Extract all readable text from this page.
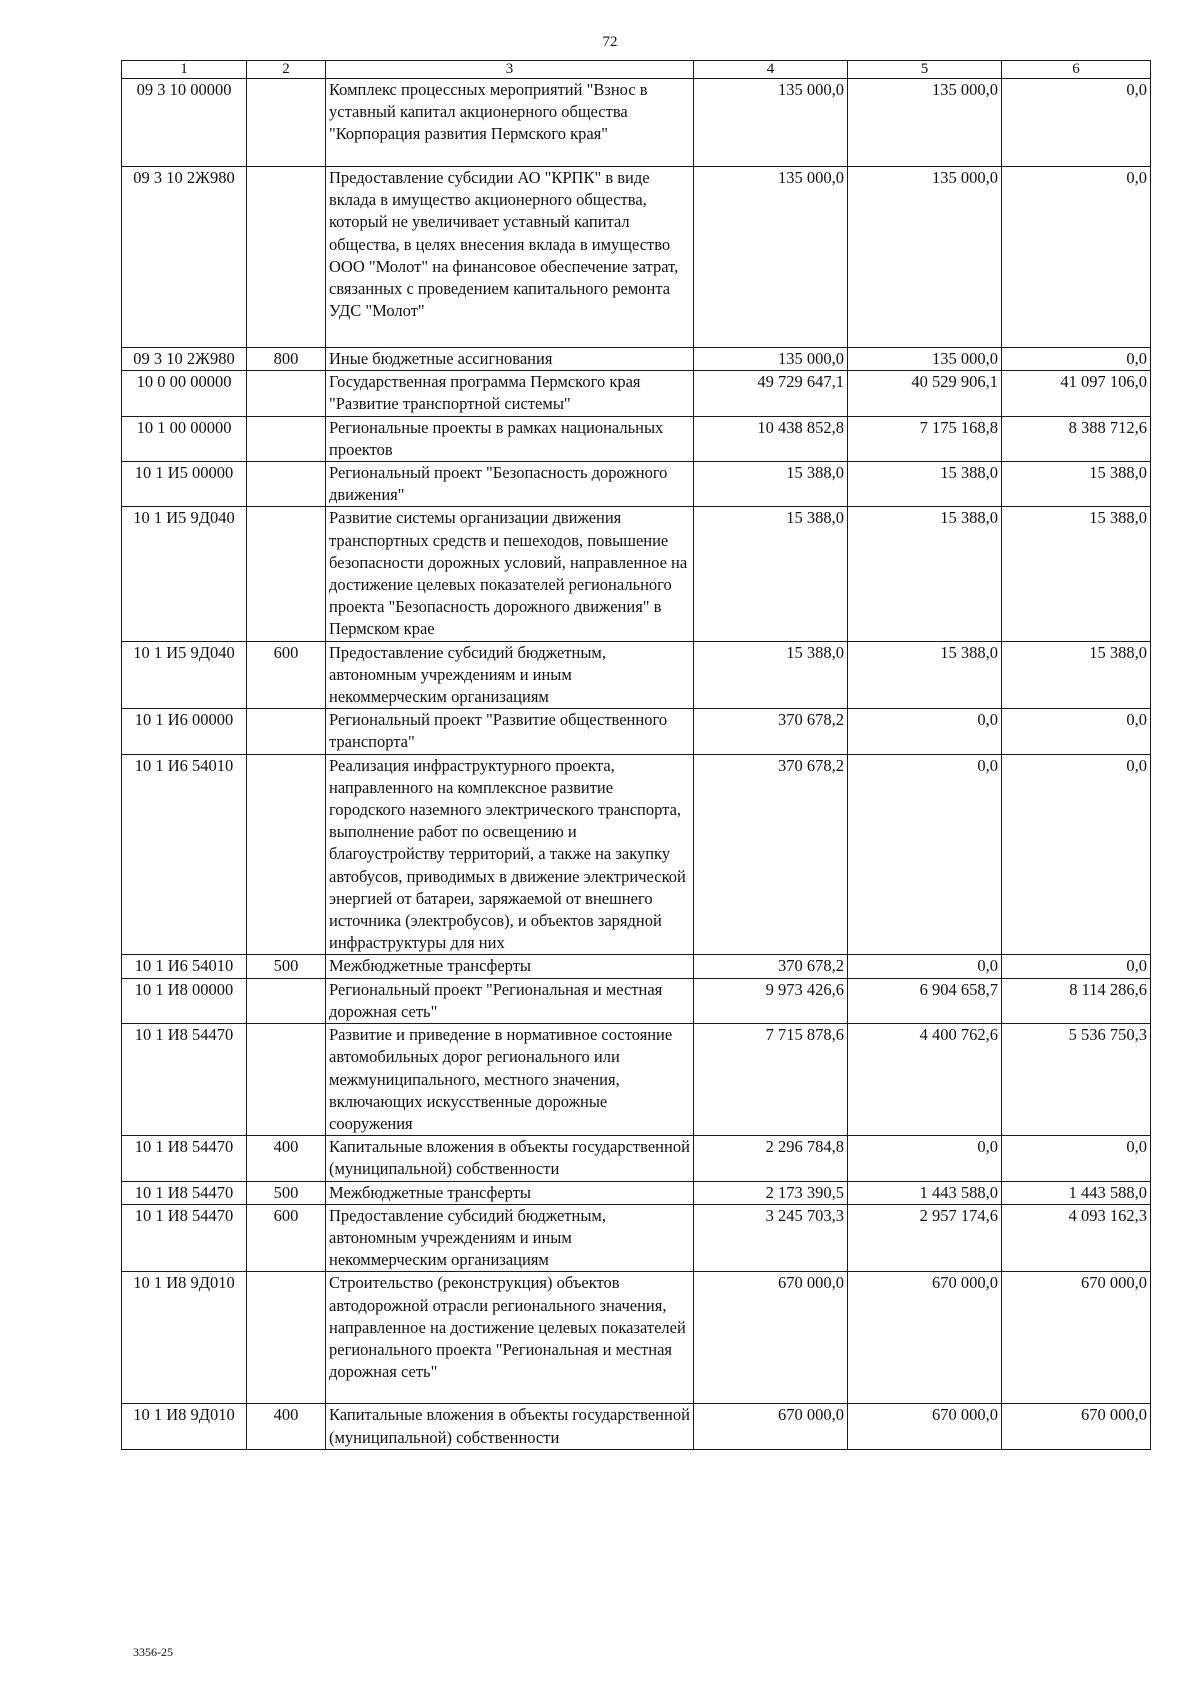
72
1	2	3	4	5	6
09 3 10 00000		Комплекс процессных мероприятий "Взнос в уставный капитал акционерного общества "Корпорация развития Пермского края"	135 000,0	135 000,0	0,0
09 3 10 2Ж980		Предоставление субсидии АО "КРПК" в виде вклада в имущество акционерного общества, который не увеличивает уставный капитал общества, в целях внесения вклада в имущество ООО "Молот" на финансовое обеспечение затрат, связанных с проведением капитального ремонта УДС "Молот"	135 000,0	135 000,0	0,0
09 3 10 2Ж980	800	Иные бюджетные ассигнования	135 000,0	135 000,0	0,0
10 0 00 00000		Государственная программа Пермского края "Развитие транспортной системы"	49 729 647,1	40 529 906,1	41 097 106,0
10 1 00 00000		Региональные проекты в рамках национальных проектов	10 438 852,8	7 175 168,8	8 388 712,6
10 1 И5 00000		Региональный проект "Безопасность дорожного движения"	15 388,0	15 388,0	15 388,0
10 1 И5 9Д040		Развитие системы организации движения транспортных средств и пешеходов, повышение безопасности дорожных условий, направленное на достижение целевых показателей регионального проекта "Безопасность дорожного движения" в Пермском крае	15 388,0	15 388,0	15 388,0
10 1 И5 9Д040	600	Предоставление субсидий бюджетным, автономным учреждениям и иным некоммерческим организациям	15 388,0	15 388,0	15 388,0
10 1 И6 00000		Региональный проект "Развитие общественного транспорта"	370 678,2	0,0	0,0
10 1 И6 54010		Реализация инфраструктурного проекта, направленного на комплексное развитие городского наземного электрического транспорта, выполнение работ по освещению и благоустройству территорий, а также на закупку автобусов, приводимых в движение электрической энергией от батареи, заряжаемой от внешнего источника (электробусов), и объектов зарядной инфраструктуры для них	370 678,2	0,0	0,0
10 1 И6 54010	500	Межбюджетные трансферты	370 678,2	0,0	0,0
10 1 И8 00000		Региональный проект "Региональная и местная дорожная сеть"	9 973 426,6	6 904 658,7	8 114 286,6
10 1 И8 54470		Развитие и приведение в нормативное состояние автомобильных дорог регионального или межмуниципального, местного значения, включающих искусственные дорожные сооружения	7 715 878,6	4 400 762,6	5 536 750,3
10 1 И8 54470	400	Капитальные вложения в объекты государственной (муниципальной) собственности	2 296 784,8	0,0	0,0
10 1 И8 54470	500	Межбюджетные трансферты	2 173 390,5	1 443 588,0	1 443 588,0
10 1 И8 54470	600	Предоставление субсидий бюджетным, автономным учреждениям и иным некоммерческим организациям	3 245 703,3	2 957 174,6	4 093 162,3
10 1 И8 9Д010		Строительство (реконструкция) объектов автодорожной отрасли регионального значения, направленное на достижение целевых показателей регионального проекта "Региональная и местная дорожная сеть"	670 000,0	670 000,0	670 000,0
10 1 И8 9Д010	400	Капитальные вложения в объекты государственной (муниципальной) собственности	670 000,0	670 000,0	670 000,0
3356-25
